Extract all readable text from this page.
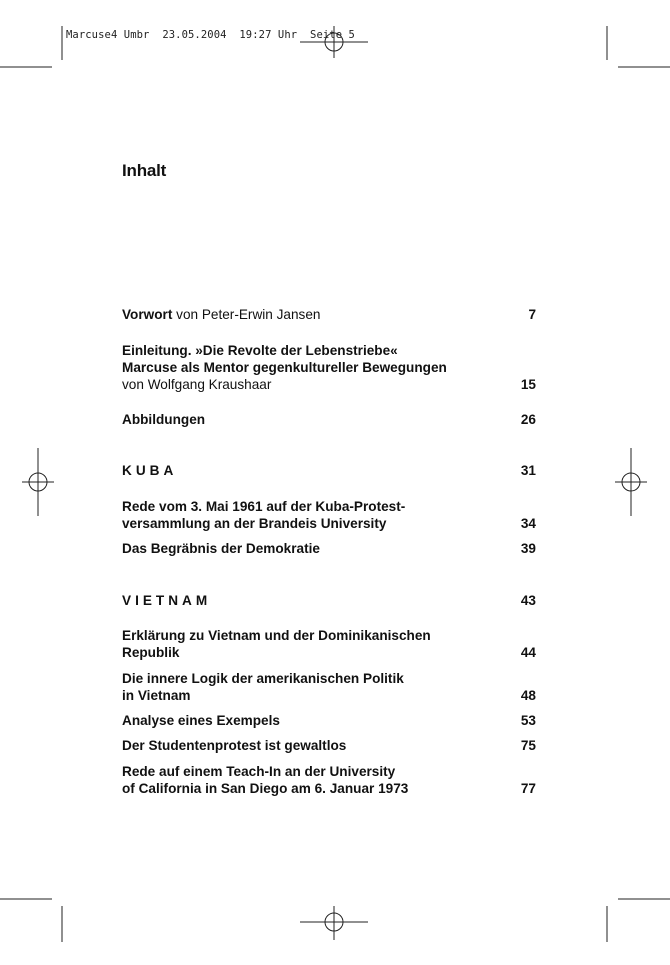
Marcuse4 Umbr  23.05.2004  19:27 Uhr  Seite 5
Inhalt
Vorwort von Peter-Erwin Jansen	7
Einleitung. »Die Revolte der Lebenstriebe«
Marcuse als Mentor gegenkultureller Bewegungen
von Wolfgang Kraushaar	15
Abbildungen	26
KUBA	31
Rede vom 3. Mai 1961 auf der Kuba-Protest-
versammlung an der Brandeis University	34
Das Begräbnis der Demokratie	39
VIETNAM	43
Erklärung zu Vietnam und der Dominikanischen
Republik	44
Die innere Logik der amerikanischen Politik
in Vietnam	48
Analyse eines Exempels	53
Der Studentenprotest ist gewaltlos	75
Rede auf einem Teach-In an der University
of California in San Diego am 6. Januar 1973	77
